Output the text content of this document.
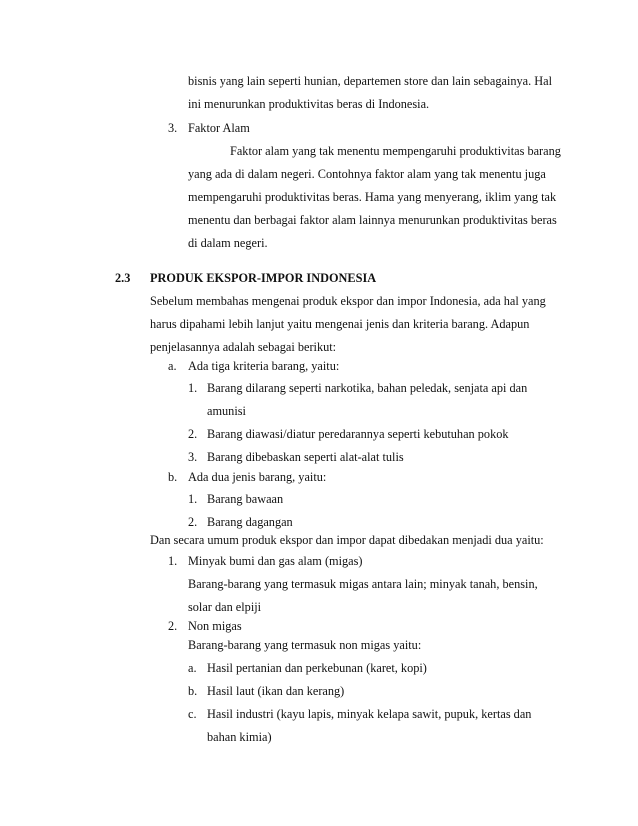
bisnis yang lain seperti hunian, departemen store dan lain sebagainya. Hal
ini menurunkan produktivitas beras di Indonesia.
3. Faktor Alam
Faktor alam yang tak menentu mempengaruhi produktivitas barang
yang ada di dalam negeri. Contohnya faktor alam yang tak menentu juga
mempengaruhi produktivitas beras. Hama yang menyerang, iklim yang tak
menentu dan berbagai faktor alam lainnya menurunkan produktivitas beras
di dalam negeri.
2.3 PRODUK EKSPOR-IMPOR INDONESIA
Sebelum membahas mengenai produk ekspor dan impor Indonesia, ada hal yang
harus dipahami lebih lanjut yaitu mengenai jenis dan kriteria barang. Adapun
penjelasannya adalah sebagai berikut:
a. Ada tiga kriteria barang, yaitu:
1. Barang dilarang seperti narkotika, bahan peledak, senjata api dan
amunisi
2. Barang diawasi/diatur peredarannya seperti kebutuhan pokok
3. Barang dibebaskan seperti alat-alat tulis
b. Ada dua jenis barang, yaitu:
1. Barang bawaan
2. Barang dagangan
Dan secara umum produk ekspor dan impor dapat dibedakan menjadi dua yaitu:
1. Minyak bumi dan gas alam (migas)
Barang-barang yang termasuk migas antara lain; minyak tanah, bensin,
solar dan elpiji
2. Non migas
Barang-barang yang termasuk non migas yaitu:
a. Hasil pertanian dan perkebunan (karet, kopi)
b. Hasil laut (ikan dan kerang)
c. Hasil industri (kayu lapis, minyak kelapa sawit, pupuk, kertas dan
bahan kimia)
